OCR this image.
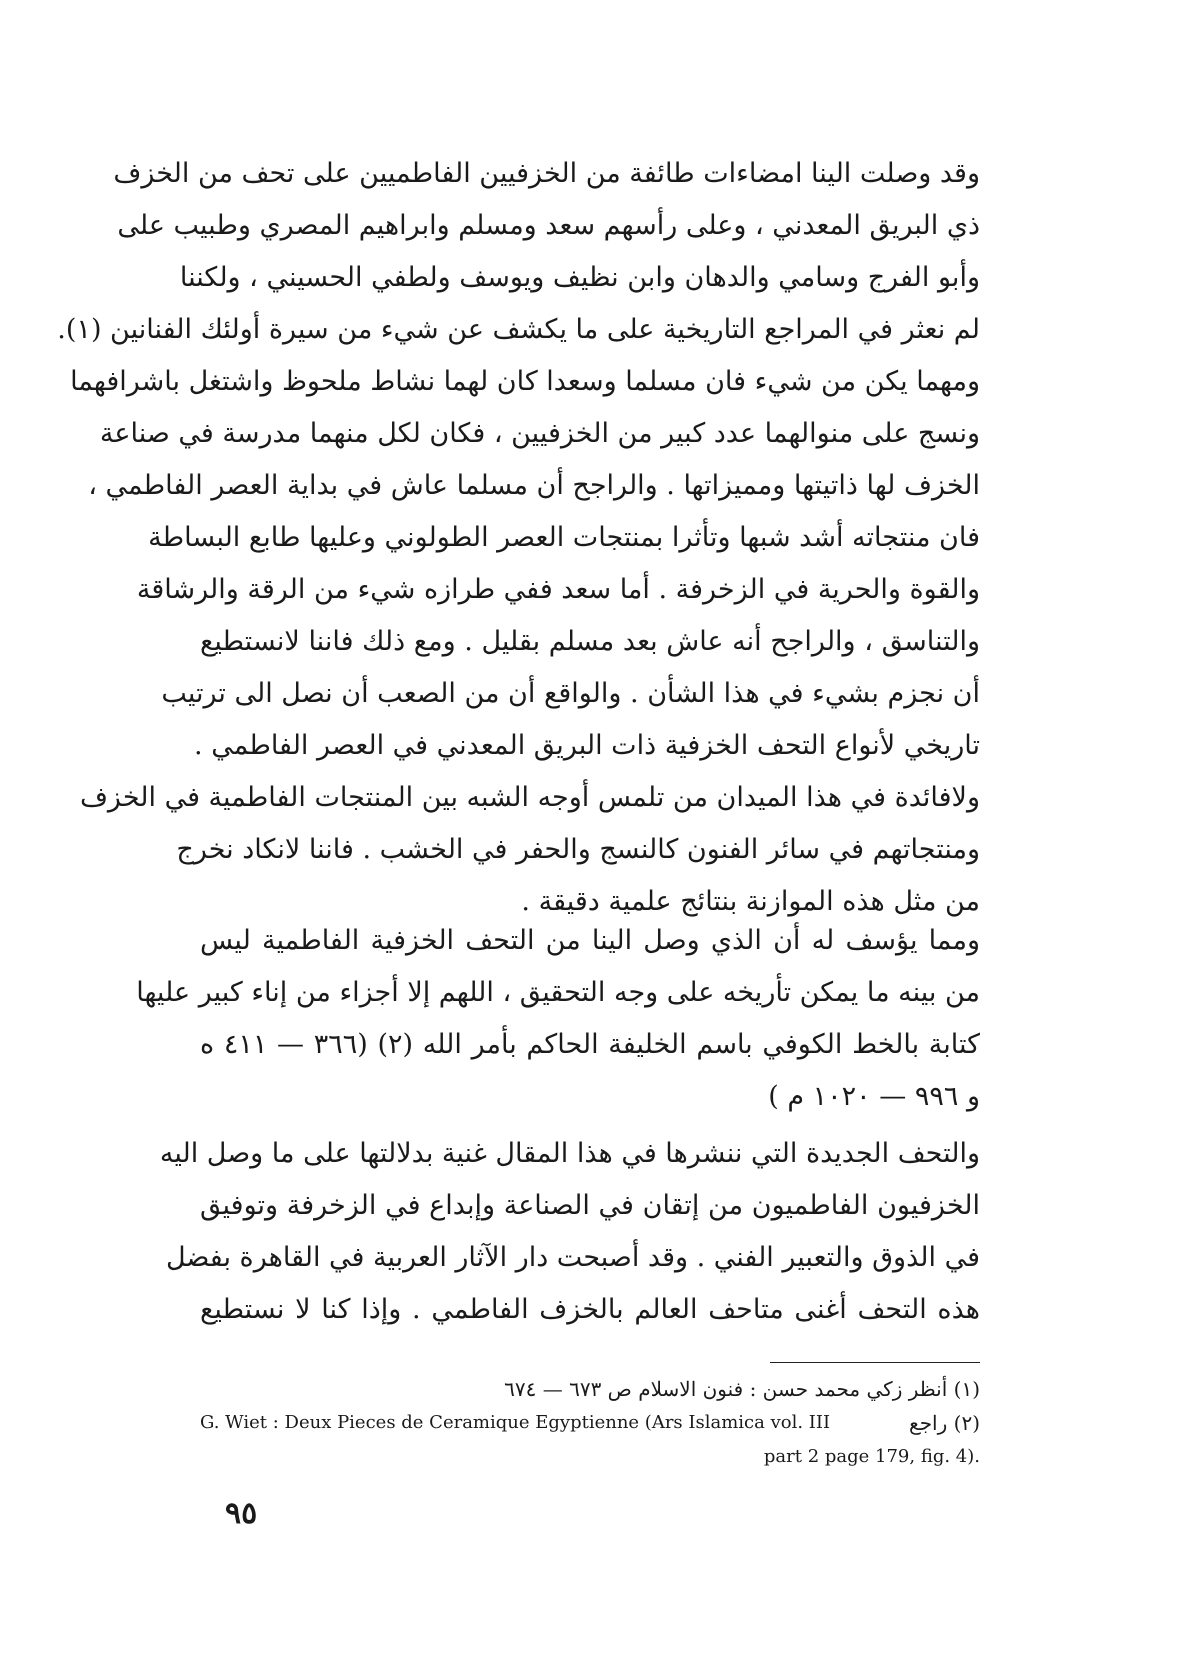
وقد وصلت الينا امضاءات طائفة من الخزفيين الفاطميين على تحف من الخزف
ذي البريق المعدني ، وعلى رأسهم سعد ومسلم وابراهيم المصري وطبيب على
وأبو الفرج وسامي والدهان وابن نظيف ويوسف ولطفي الحسيني ، ولكننا
لم نعثر في المراجع التاريخية على ما يكشف عن شيء من سيرة أولئك الفنانين (١).
ومهما يكن من شيء فان مسلما وسعدا كان لهما نشاط ملحوظ واشتغل باشرافهما
ونسج على منوالهما عدد كبير من الخزفيين ، فكان لكل منهما مدرسة في صناعة
الخزف لها ذاتيتها ومميزاتها . والراجح أن مسلما عاش في بداية العصر الفاطمي ،
فان منتجاته أشد شبها وتأثرا بمنتجات العصر الطولوني وعليها طابع البساطة
والقوة والحرية في الزخرفة . أما سعد ففي طرازه شيء من الرقة والرشاقة
والتناسق ، والراجح أنه عاش بعد مسلم بقليل . ومع ذلك فاننا لانستطيع
أن نجزم بشيء في هذا الشأن . والواقع أن من الصعب أن نصل الى ترتيب
تاريخي لأنواع التحف الخزفية ذات البريق المعدني في العصر الفاطمي .
ولافائدة في هذا الميدان من تلمس أوجه الشبه بين المنتجات الفاطمية في الخزف
ومنتجاتهم في سائر الفنون كالنسج والحفر في الخشب . فاننا لانكاد نخرج
من مثل هذه الموازنة بنتائج علمية دقيقة .
ومما يؤسف له أن الذي وصل الينا من التحف الخزفية الفاطمية ليس
من بينه ما يمكن تأريخه على وجه التحقيق ، اللهم إلا أجزاء من إناء كبير عليها
كتابة بالخط الكوفي باسم الخليفة الحاكم بأمر الله (٢) (٣٦٦ — ٤١١ ه
و ٩٩٦ — ١٠٢٠ م )
والتحف الجديدة التي ننشرها في هذا المقال غنية بدلالتها على ما وصل اليه
الخزفيون الفاطميون من إتقان في الصناعة وإبداع في الزخرفة وتوفيق
في الذوق والتعبير الفني . وقد أصبحت دار الآثار العربية في القاهرة بفضل
هذه التحف أغنى متاحف العالم بالخزف الفاطمي . وإذا كنا لا نستطيع
(١) أنظر زكي محمد حسن : فنون الاسلام ص ٦٧٣ — ٦٧٤
(٢) راجع
G. Wiet : Deux Pieces de Ceramique Egyptienne (Ars Islamica vol. III
part 2 page 179, fig. 4).
٩٥
